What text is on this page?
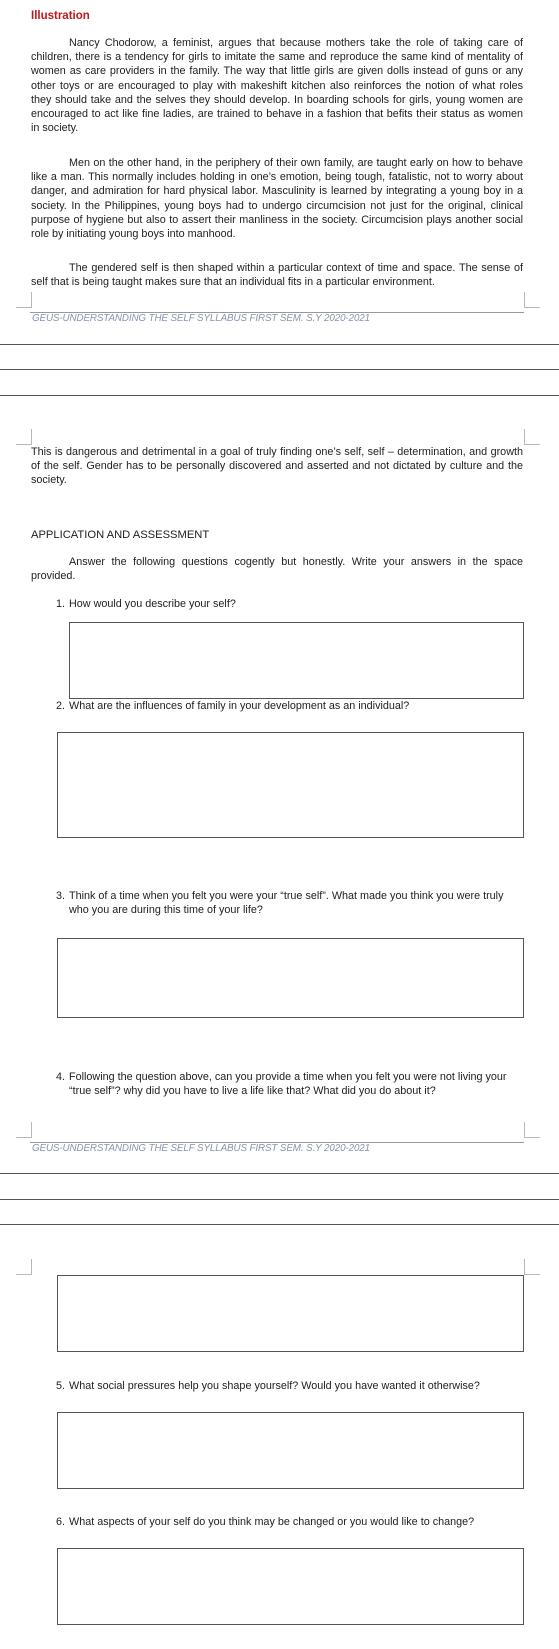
Illustration

Nancy Chodorow, a feminist, argues that because mothers take the role of taking care of children, there is a tendency for girls to imitate the same and reproduce the same kind of mentality of women as care providers in the family. The way that little girls are given dolls instead of guns or any other toys or are encouraged to play with makeshift kitchen also reinforces the notion of what roles they should take and the selves they should develop. In boarding schools for girls, young women are encouraged to act like fine ladies, are trained to behave in a fashion that befits their status as women in society.

Men on the other hand, in the periphery of their own family, are taught early on how to behave like a man. This normally includes holding in one’s emotion, being tough, fatalistic, not to worry about danger, and admiration for hard physical labor. Masculinity is learned by integrating a young boy in a society. In the Philippines, young boys had to undergo circumcision not just for the original, clinical purpose of hygiene but also to assert their manliness in the society. Circumcision plays another social role by initiating young boys into manhood.

The gendered self is then shaped within a particular context of time and space. The sense of self that is being taught makes sure that an individual fits in a particular environment.

GEUS-UNDERSTANDING THE SELF SYLLABUS FIRST SEM. S.Y 2020-2021

This is dangerous and detrimental in a goal of truly finding one’s self, self – determination, and growth of the self. Gender has to be personally discovered and asserted and not dictated by culture and the society.

APPLICATION AND ASSESSMENT

Answer the following questions cogently but honestly. Write your answers in the space provided.

1. How would you describe your self?
2. What are the influences of family in your development as an individual?
3. Think of a time when you felt you were your “true self”. What made you think you were truly who you are during this time of your life?
4. Following the question above, can you provide a time when you felt you were not living your “true self”? why did you have to live a life like that? What did you do about it?
GEUS-UNDERSTANDING THE SELF SYLLABUS FIRST SEM. S.Y 2020-2021
5. What social pressures help you shape yourself? Would you have wanted it otherwise?
6. What aspects of your self do you think may be changed or you would like to change?
